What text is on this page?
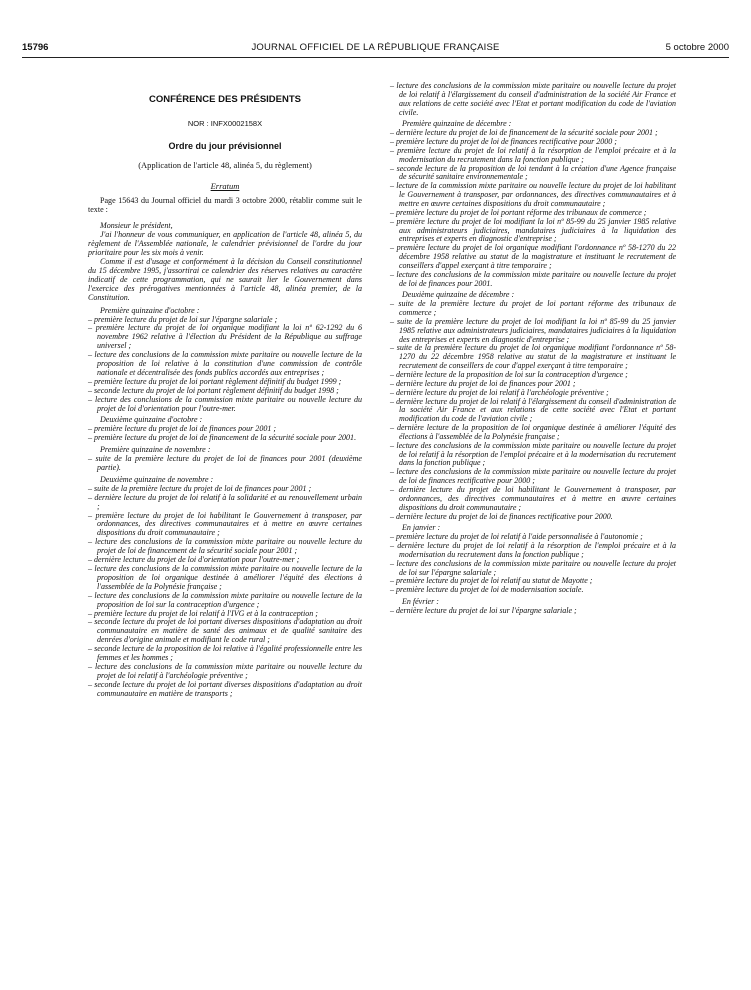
15796	JOURNAL OFFICIEL DE LA RÉPUBLIQUE FRANÇAISE	5 octobre 2000
CONFÉRENCE DES PRÉSIDENTS
NOR : INFX0002158X
Ordre du jour prévisionnel
(Application de l'article 48, alinéa 5, du règlement)
Erratum
Page 15643 du Journal officiel du mardi 3 octobre 2000, rétablir comme suit le texte :
Monsieur le président,
J'ai l'honneur de vous communiquer, en application de l'article 48, alinéa 5, du règlement de l'Assemblée nationale, le calendrier prévisionnel de l'ordre du jour prioritaire pour les six mois à venir.
Comme il est d'usage et conformément à la décision du Conseil constitutionnel du 15 décembre 1995, j'assortirai ce calendrier des réserves relatives au caractère indicatif de cette programmation, qui ne saurait lier le Gouvernement dans l'exercice des prérogatives mentionnées à l'article 48, alinéa premier, de la Constitution.
Première quinzaine d'octobre :
– première lecture du projet de loi sur l'épargne salariale ;
– première lecture du projet de loi organique modifiant la loi nº 62-1292 du 6 novembre 1962 relative à l'élection du Président de la République au suffrage universel ;
– lecture des conclusions de la commission mixte paritaire ou nouvelle lecture de la proposition de loi relative à la constitution d'une commission de contrôle nationale et décentralisée des fonds publics accordés aux entreprises ;
– première lecture du projet de loi portant règlement définitif du budget 1999 ;
– seconde lecture du projet de loi portant règlement définitif du budget 1998 ;
– lecture des conclusions de la commission mixte paritaire ou nouvelle lecture du projet de loi d'orientation pour l'outre-mer.
Deuxième quinzaine d'octobre :
– première lecture du projet de loi de finances pour 2001 ;
– première lecture du projet de loi de financement de la sécurité sociale pour 2001.
Première quinzaine de novembre :
– suite de la première lecture du projet de loi de finances pour 2001 (deuxième partie).
Deuxième quinzaine de novembre :
– suite de la première lecture du projet de loi de finances pour 2001 ;
– dernière lecture du projet de loi relatif à la solidarité et au renouvellement urbain ;
– première lecture du projet de loi habilitant le Gouvernement à transposer, par ordonnances, des directives communautaires et à mettre en œuvre certaines dispositions du droit communautaire ;
– lecture des conclusions de la commission mixte paritaire ou nouvelle lecture du projet de loi de financement de la sécurité sociale pour 2001 ;
– dernière lecture du projet de loi d'orientation pour l'outre-mer ;
– lecture des conclusions de la commission mixte paritaire ou nouvelle lecture de la proposition de loi organique destinée à améliorer l'équité des élections à l'assemblée de la Polynésie française ;
– lecture des conclusions de la commission mixte paritaire ou nouvelle lecture de la proposition de loi sur la contraception d'urgence ;
– première lecture du projet de loi relatif à l'IVG et à la contraception ;
– seconde lecture du projet de loi portant diverses dispositions d'adaptation au droit communautaire en matière de santé des animaux et de qualité sanitaire des denrées d'origine animale et modifiant le code rural ;
– seconde lecture de la proposition de loi relative à l'égalité professionnelle entre les femmes et les hommes ;
– lecture des conclusions de la commission mixte paritaire ou nouvelle lecture du projet de loi relatif à l'archéologie préventive ;
– seconde lecture du projet de loi portant diverses dispositions d'adaptation au droit communautaire en matière de transports ;
– lecture des conclusions de la commission mixte paritaire ou nouvelle lecture du projet de loi relatif à l'élargissement du conseil d'administration de la société Air France et aux relations de cette société avec l'Etat et portant modification du code de l'aviation civile.
Première quinzaine de décembre :
– dernière lecture du projet de loi de financement de la sécurité sociale pour 2001 ;
– première lecture du projet de loi de finances rectificative pour 2000 ;
– première lecture du projet de loi relatif à la résorption de l'emploi précaire et à la modernisation du recrutement dans la fonction publique ;
– seconde lecture de la proposition de loi tendant à la création d'une Agence française de sécurité sanitaire environnementale ;
– lecture de la commission mixte paritaire ou nouvelle lecture du projet de loi habilitant le Gouvernement à transposer, par ordonnances, des directives communautaires et à mettre en œuvre certaines dispositions du droit communautaire ;
– première lecture du projet de loi portant réforme des tribunaux de commerce ;
– première lecture du projet de loi modifiant la loi nº 85-99 du 25 janvier 1985 relative aux administrateurs judiciaires, mandataires judiciaires à la liquidation des entreprises et experts en diagnostic d'entreprise ;
– première lecture du projet de loi organique modifiant l'ordonnance nº 58-1270 du 22 décembre 1958 relative au statut de la magistrature et instituant le recrutement de conseillers d'appel exerçant à titre temporaire ;
– lecture des conclusions de la commission mixte paritaire ou nouvelle lecture du projet de loi de finances pour 2001.
Deuxième quinzaine de décembre :
– suite de la première lecture du projet de loi portant réforme des tribunaux de commerce ;
– suite de la première lecture du projet de loi modifiant la loi nº 85-99 du 25 janvier 1985 relative aux administrateurs judiciaires, mandataires judiciaires à la liquidation des entreprises et experts en diagnostic d'entreprise ;
– suite de la première lecture du projet de loi organique modifiant l'ordonnance nº 58-1270 du 22 décembre 1958 relative au statut de la magistrature et instituant le recrutement de conseillers de cour d'appel exerçant à titre temporaire ;
– dernière lecture de la proposition de loi sur la contraception d'urgence ;
– dernière lecture du projet de loi de finances pour 2001 ;
– dernière lecture du projet de loi relatif à l'archéologie préventive ;
– dernière lecture du projet de loi relatif à l'élargissement du conseil d'administration de la société Air France et aux relations de cette société avec l'Etat et portant modification du code de l'aviation civile ;
– dernière lecture de la proposition de loi organique destinée à améliorer l'équité des élections à l'assemblée de la Polynésie française ;
– lecture des conclusions de la commission mixte paritaire ou nouvelle lecture du projet de loi relatif à la résorption de l'emploi précaire et à la modernisation du recrutement dans la fonction publique ;
– lecture des conclusions de la commission mixte paritaire ou nouvelle lecture du projet de loi de finances rectificative pour 2000 ;
– dernière lecture du projet de loi habilitant le Gouvernement à transposer, par ordonnances, des directives communautaires et à mettre en œuvre certaines dispositions du droit communautaire ;
– dernière lecture du projet de loi de finances rectificative pour 2000.
En janvier :
– première lecture du projet de loi relatif à l'aide personnalisée à l'autonomie ;
– dernière lecture du projet de loi relatif à la résorption de l'emploi précaire et à la modernisation du recrutement dans la fonction publique ;
– lecture des conclusions de la commission mixte paritaire ou nouvelle lecture du projet de loi sur l'épargne salariale ;
– première lecture du projet de loi relatif au statut de Mayotte ;
– première lecture du projet de loi de modernisation sociale.
En février :
– dernière lecture du projet de loi sur l'épargne salariale ;
